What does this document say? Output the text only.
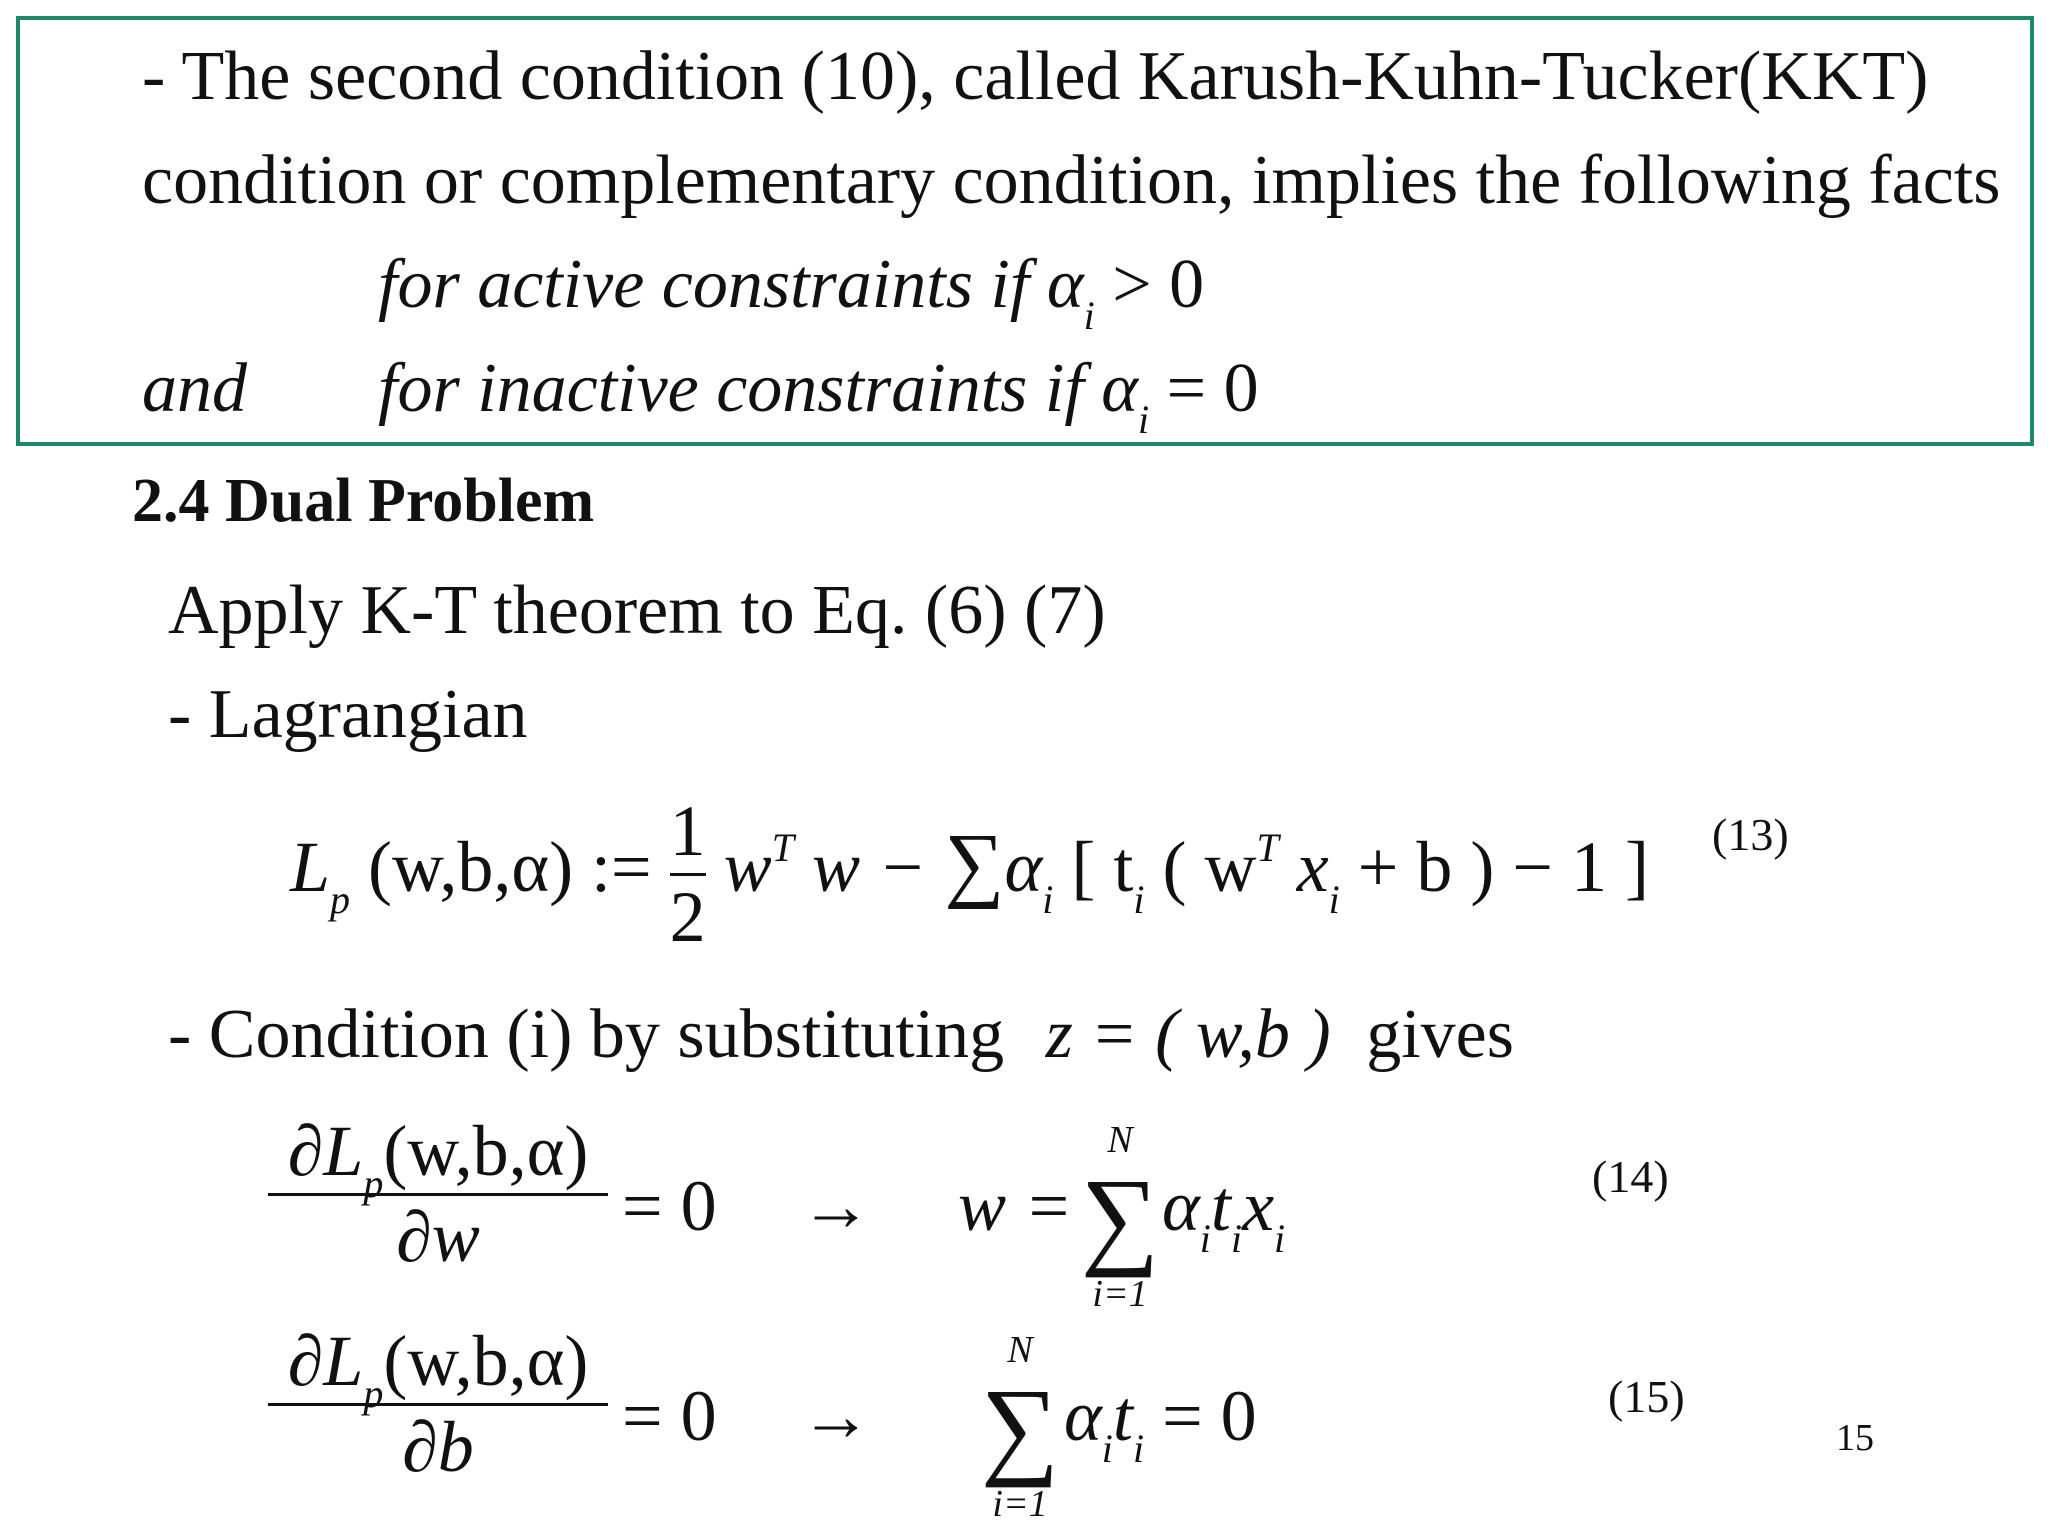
- The second condition (10), called Karush-Kuhn-Tucker(KKT)
condition or complementary condition, implies the following facts
for active constraints if $\alpha_i > 0$
and for inactive constraints if $\alpha_i = 0$
2.4 Dual Problem
Apply K-T theorem to Eq. (6) (7)
- Lagrangian
$L_p$ (w,b,α) := $\frac{1}{2} w^T$ $w - \sum\alpha_i$ [ $t_i$ ( $w^T$ $x_i + b$ ) − 1 ] (13)
- Condition (i) by substituting z = ( w,b ) gives
$\frac{\partial L_p(w,b,\alpha)}{\partial w} = 0 \to w$ =
N
∑
i=1
$\alpha_it_ix_i$
(14)
$\frac{\partial L_p(w,b,\alpha)}{\partial b} = 0$ →
N
∑
i=1
$\alpha_it_i = 0$	(15)
15
